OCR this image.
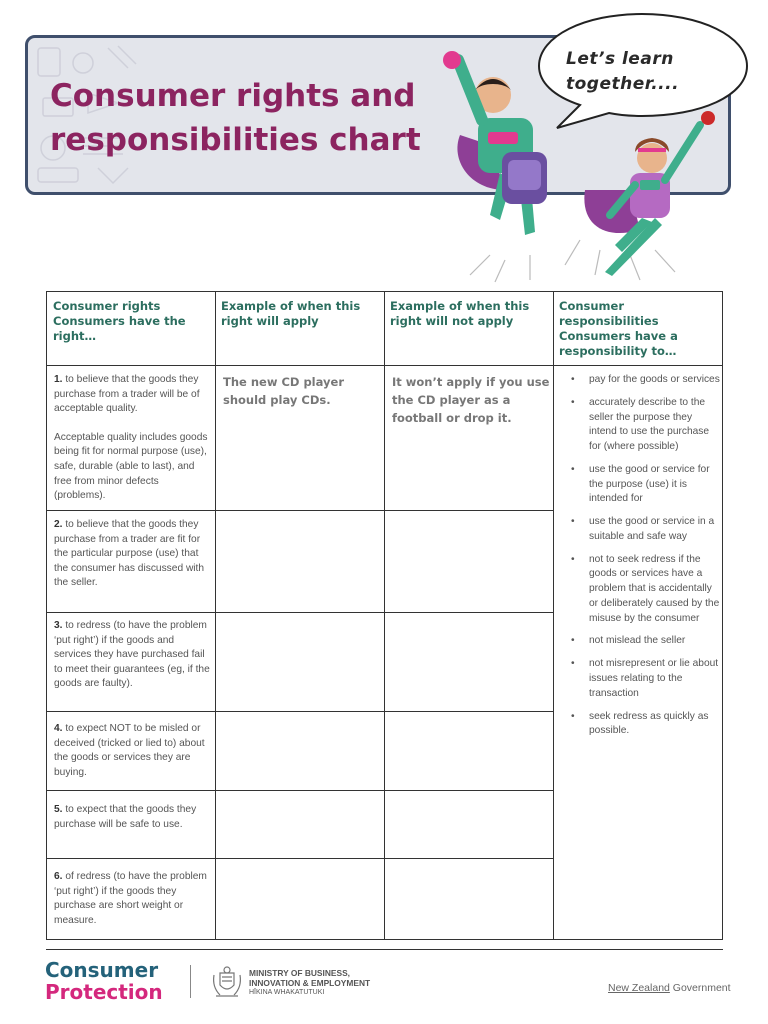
Consumer rights and
responsibilities chart
Let’s learn
together....
Consumer rights Consumers have the right…
Example of when this right will apply
Example of when this right will not apply
Consumer responsibilities Consumers have a responsibility to…
1. to believe that the goods they purchase from a trader will be of acceptable quality.
Acceptable quality includes goods being fit for normal purpose (use), safe, durable (able to last), and free from minor defects (problems).
2. to believe that the goods they purchase from a trader are fit for the particular purpose (use) that the consumer has discussed with the seller.
3. to redress (to have the problem ‘put right’) if the goods and services they have purchased fail to meet their guarantees (eg, if the goods are faulty).
4. to expect NOT to be misled or deceived (tricked or lied to) about the goods or services they are buying.
5. to expect that the goods they purchase will be safe to use.
6. of redress (to have the problem ‘put right’) if the goods they purchase are short weight or measure.
The new CD player should play CDs.
It won’t apply if you use the CD player as a football or drop it.
• pay for the goods or services
• accurately describe to the seller the purpose they intend to use the purchase for (where possible)
• use the good or service for the purpose (use) it is intended for
• use the good or service in a suitable and safe way
• not to seek redress if the goods or services have a problem that is accidentally or deliberately caused by the misuse by the consumer
• not mislead the seller
• not misrepresent or lie about issues relating to the transaction
• seek redress as quickly as possible.
Consumer
Protection
MINISTRY OF BUSINESS,
INNOVATION & EMPLOYMENT
HĪKINA WHAKATUTUKI	New Zealand Government
